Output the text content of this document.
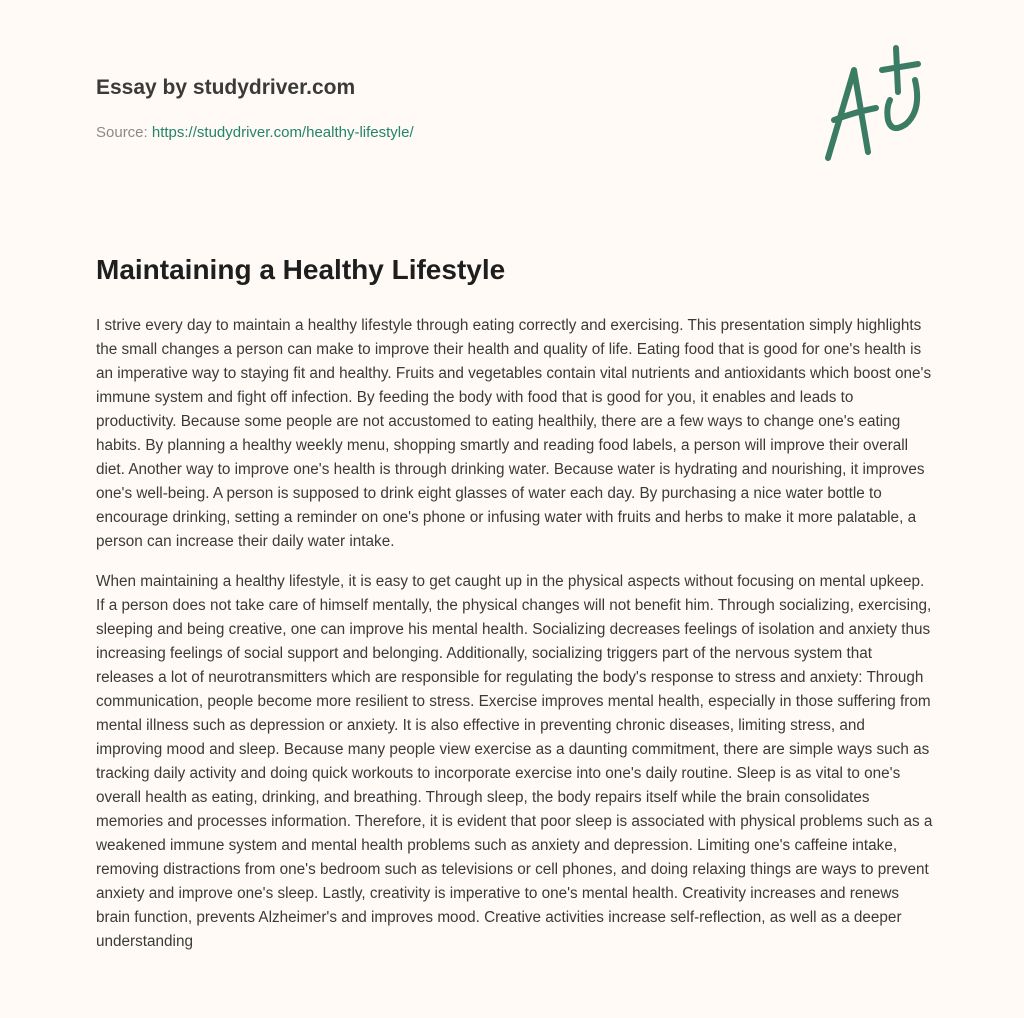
Essay by studydriver.com
Source: https://studydriver.com/healthy-lifestyle/
Maintaining a Healthy Lifestyle

I strive every day to maintain a healthy lifestyle through eating correctly and exercising. This presentation simply highlights the small changes a person can make to improve their health and quality of life. Eating food that is good for one's health is an imperative way to staying fit and healthy. Fruits and vegetables contain vital nutrients and antioxidants which boost one's immune system and fight off infection. By feeding the body with food that is good for you, it enables and leads to productivity. Because some people are not accustomed to eating healthily, there are a few ways to change one's eating habits. By planning a healthy weekly menu, shopping smartly and reading food labels, a person will improve their overall diet. Another way to improve one's health is through drinking water. Because water is hydrating and nourishing, it improves one's well-being. A person is supposed to drink eight glasses of water each day. By purchasing a nice water bottle to encourage drinking, setting a reminder on one's phone or infusing water with fruits and herbs to make it more palatable, a person can increase their daily water intake.

When maintaining a healthy lifestyle, it is easy to get caught up in the physical aspects without focusing on mental upkeep. If a person does not take care of himself mentally, the physical changes will not benefit him. Through socializing, exercising, sleeping and being creative, one can improve his mental health. Socializing decreases feelings of isolation and anxiety thus increasing feelings of social support and belonging. Additionally, socializing triggers part of the nervous system that releases a lot of neurotransmitters which are responsible for regulating the body's response to stress and anxiety: Through communication, people become more resilient to stress. Exercise improves mental health, especially in those suffering from mental illness such as depression or anxiety. It is also effective in preventing chronic diseases, limiting stress, and improving mood and sleep. Because many people view exercise as a daunting commitment, there are simple ways such as tracking daily activity and doing quick workouts to incorporate exercise into one's daily routine. Sleep is as vital to one's overall health as eating, drinking, and breathing. Through sleep, the body repairs itself while the brain consolidates memories and processes information. Therefore, it is evident that poor sleep is associated with physical problems such as a weakened immune system and mental health problems such as anxiety and depression. Limiting one's caffeine intake, removing distractions from one's bedroom such as televisions or cell phones, and doing relaxing things are ways to prevent anxiety and improve one's sleep. Lastly, creativity is imperative to one's mental health. Creativity increases and renews brain function, prevents Alzheimer's and improves mood. Creative activities increase self-reflection, as well as a deeper understanding
